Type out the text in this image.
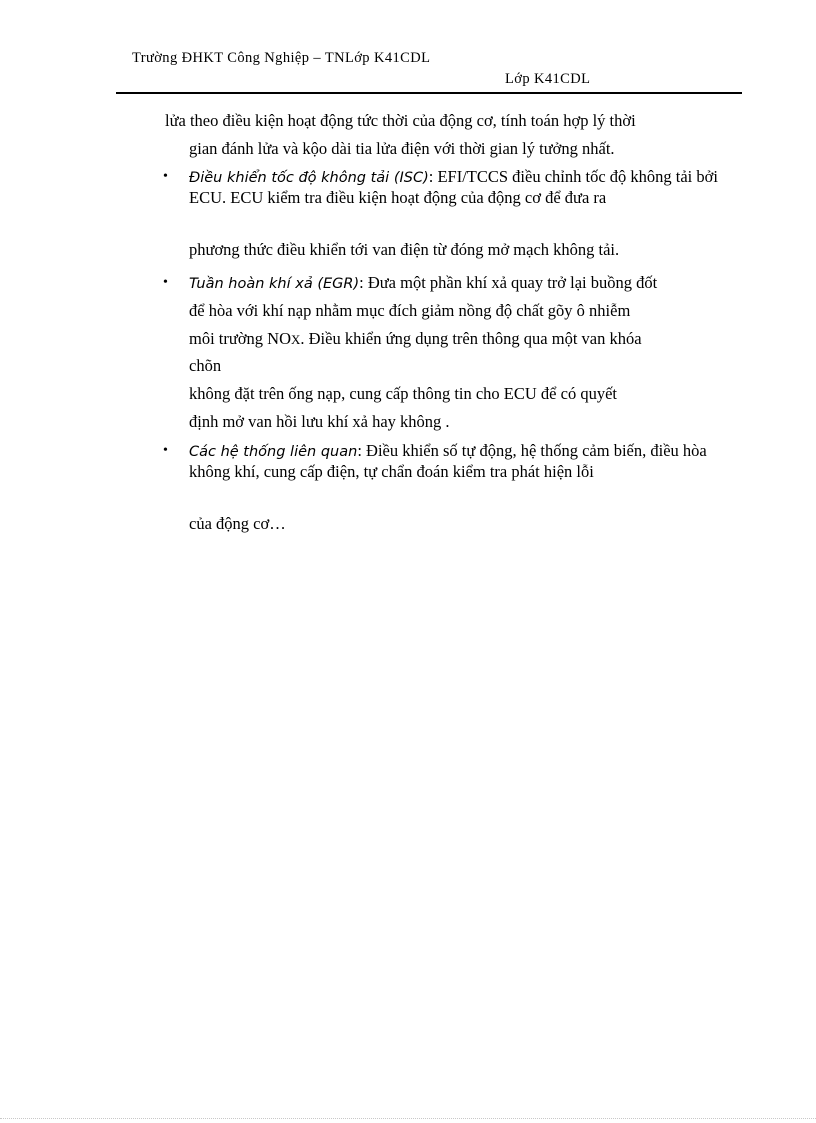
Trường ĐHKT Công Nghiệp – TNLớp K41CDL
Lớp K41CDL
lửa theo điều kiện hoạt động tức thời của động cơ, tính toán hợp lý thời
gian đánh lửa và kộo dài tia lửa điện với thời gian lý tưởng nhất.
• Điều khiển tốc độ không tải (ISC): EFI/TCCS điều chỉnh tốc độ không tải bởi ECU. ECU kiểm tra điều kiện hoạt động của động cơ để đưa ra
phương thức điều khiển tới van điện từ đóng mở mạch không tải.
• Tuần hoàn khí xả (EGR): Đưa một phần khí xả quay trở lại buồng đốt
để hòa với khí nạp nhằm mục đích giảm nồng độ chất gõy ô nhiễm
môi trường NOX. Điều khiển ứng dụng trên thông qua một van khóa
chõn
không đặt trên ống nạp, cung cấp thông tin cho ECU để có quyết
định mở van hồi lưu khí xả hay không .
• Các hệ thống liên quan: Điều khiển số tự động, hệ thống cảm biến, điều hòa không khí, cung cấp điện, tự chẩn đoán kiểm tra phát hiện lỗi
của động cơ…
